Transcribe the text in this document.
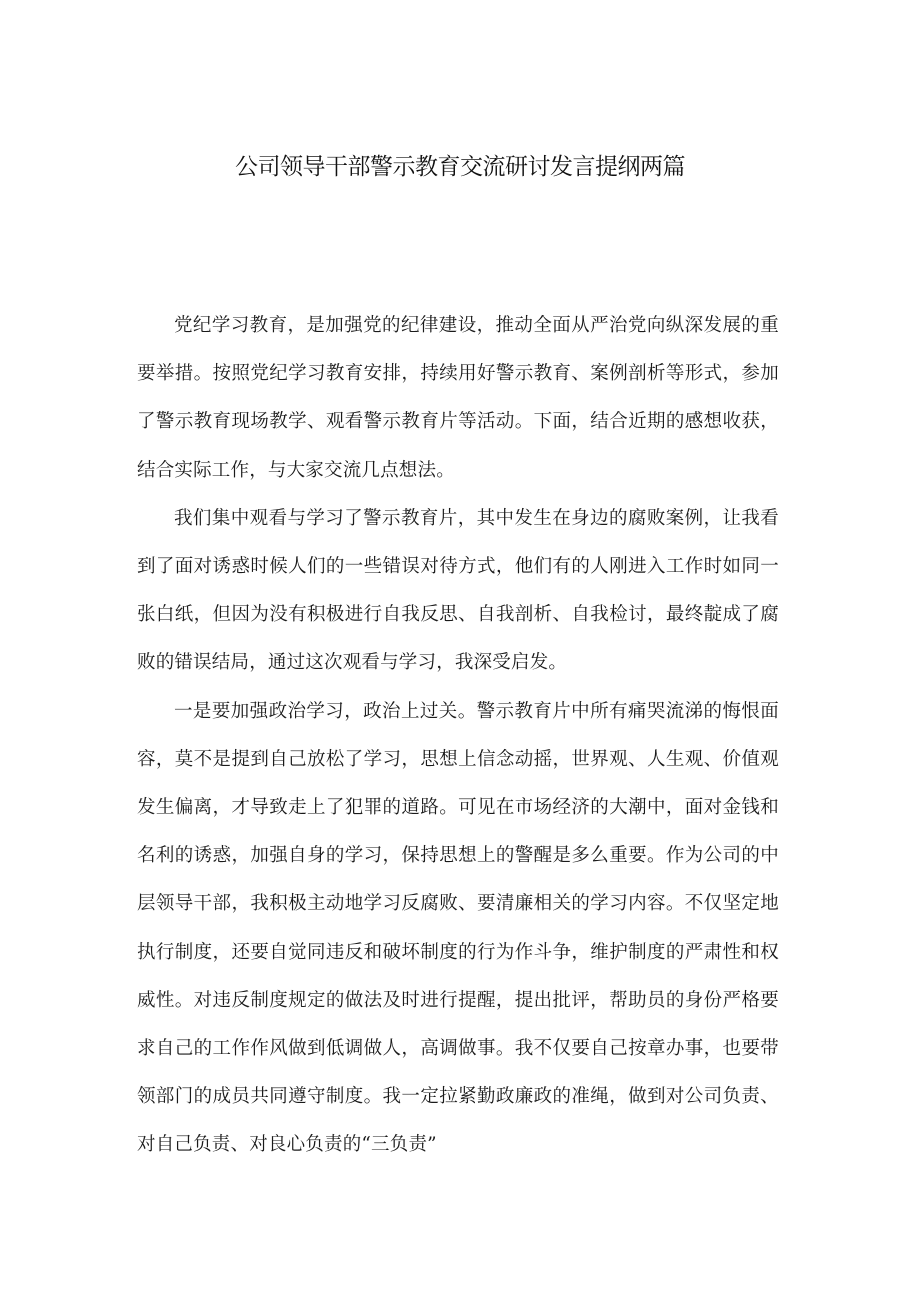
公司领导干部警示教育交流研讨发言提纲两篇

党纪学习教育，是加强党的纪律建设，推动全面从严治党向纵深发展的重要举措。按照党纪学习教育安排，持续用好警示教育、案例剖析等形式，参加了警示教育现场教学、观看警示教育片等活动。下面，结合近期的感想收获，结合实际工作，与大家交流几点想法。

我们集中观看与学习了警示教育片，其中发生在身边的腐败案例，让我看到了面对诱惑时候人们的一些错误对待方式，他们有的人刚进入工作时如同一张白纸，但因为没有积极进行自我反思、自我剖析、自我检讨，最终靛成了腐败的错误结局，通过这次观看与学习，我深受启发。

一是要加强政治学习，政治上过关。警示教育片中所有痛哭流涕的悔恨面容，莫不是提到自己放松了学习，思想上信念动摇，世界观、人生观、价值观发生偏离，才导致走上了犯罪的道路。可见在市场经济的大潮中，面对金钱和名利的诱惑，加强自身的学习，保持思想上的警醒是多么重要。作为公司的中层领导干部，我积极主动地学习反腐败、要清廉相关的学习内容。不仅坚定地执行制度，还要自觉同违反和破坏制度的行为作斗争，维护制度的严肃性和权威性。对违反制度规定的做法及时进行提醒，提出批评，帮助员的身份严格要求自己的工作作风做到低调做人，高调做事。我不仅要自己按章办事，也要带领部门的成员共同遵守制度。我一定拉紧勤政廉政的准绳，做到对公司负责、对自己负责、对良心负责的“三负责”
